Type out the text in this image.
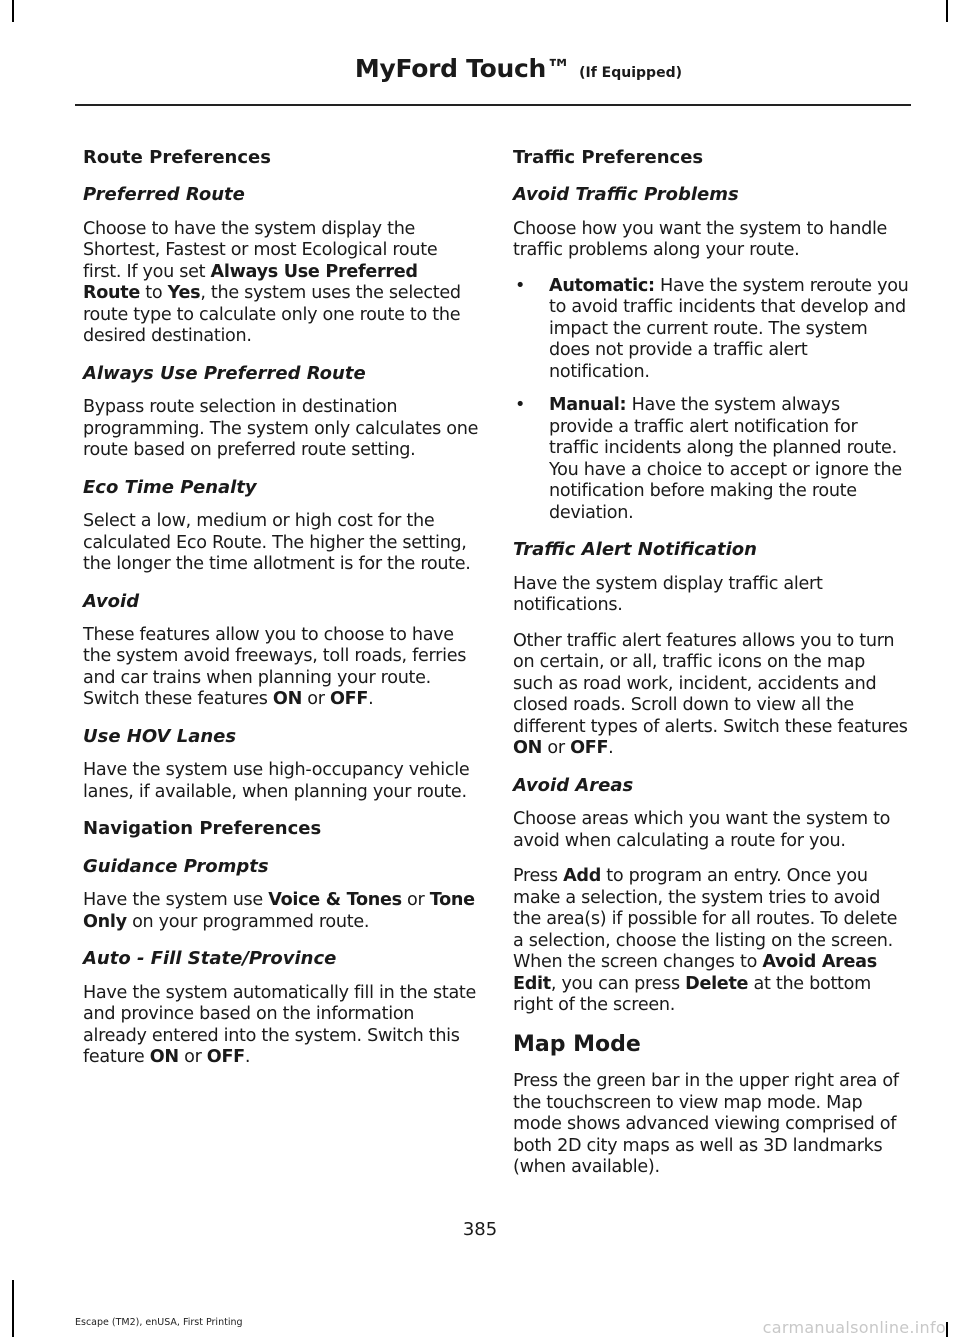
MyFord Touch™ (If Equipped)
Route Preferences
Preferred Route

Choose to have the system display the Shortest, Fastest or most Ecological route first. If you set Always Use Preferred Route to Yes, the system uses the selected route type to calculate only one route to the desired destination.

Always Use Preferred Route

Bypass route selection in destination programming. The system only calculates one route based on preferred route setting.

Eco Time Penalty

Select a low, medium or high cost for the calculated Eco Route. The higher the setting, the longer the time allotment is for the route.

Avoid

These features allow you to choose to have the system avoid freeways, toll roads, ferries and car trains when planning your route. Switch these features ON or OFF.

Use HOV Lanes

Have the system use high-occupancy vehicle lanes, if available, when planning your route.

Navigation Preferences
Guidance Prompts

Have the system use Voice & Tones or Tone Only on your programmed route.

Auto - Fill State/Province

Have the system automatically fill in the state and province based on the information already entered into the system. Switch this feature ON or OFF.

Traffic Preferences
Avoid Traffic Problems

Choose how you want the system to handle traffic problems along your route.

• Automatic: Have the system reroute you to avoid traffic incidents that develop and impact the current route. The system does not provide a traffic alert notification.
• Manual: Have the system always provide a traffic alert notification for traffic incidents along the planned route. You have a choice to accept or ignore the notification before making the route deviation.
Traffic Alert Notification

Have the system display traffic alert notifications.

Other traffic alert features allows you to turn on certain, or all, traffic icons on the map such as road work, incident, accidents and closed roads. Scroll down to view all the different types of alerts. Switch these features ON or OFF.

Avoid Areas

Choose areas which you want the system to avoid when calculating a route for you.

Press Add to program an entry. Once you make a selection, the system tries to avoid the area(s) if possible for all routes. To delete a selection, choose the listing on the screen. When the screen changes to Avoid Areas Edit, you can press Delete at the bottom right of the screen.

Map Mode

Press the green bar in the upper right area of the touchscreen to view map mode. Map mode shows advanced viewing comprised of both 2D city maps as well as 3D landmarks (when available).

385
Escape (TM2), enUSA, First Printing	carmanualsonline.info
